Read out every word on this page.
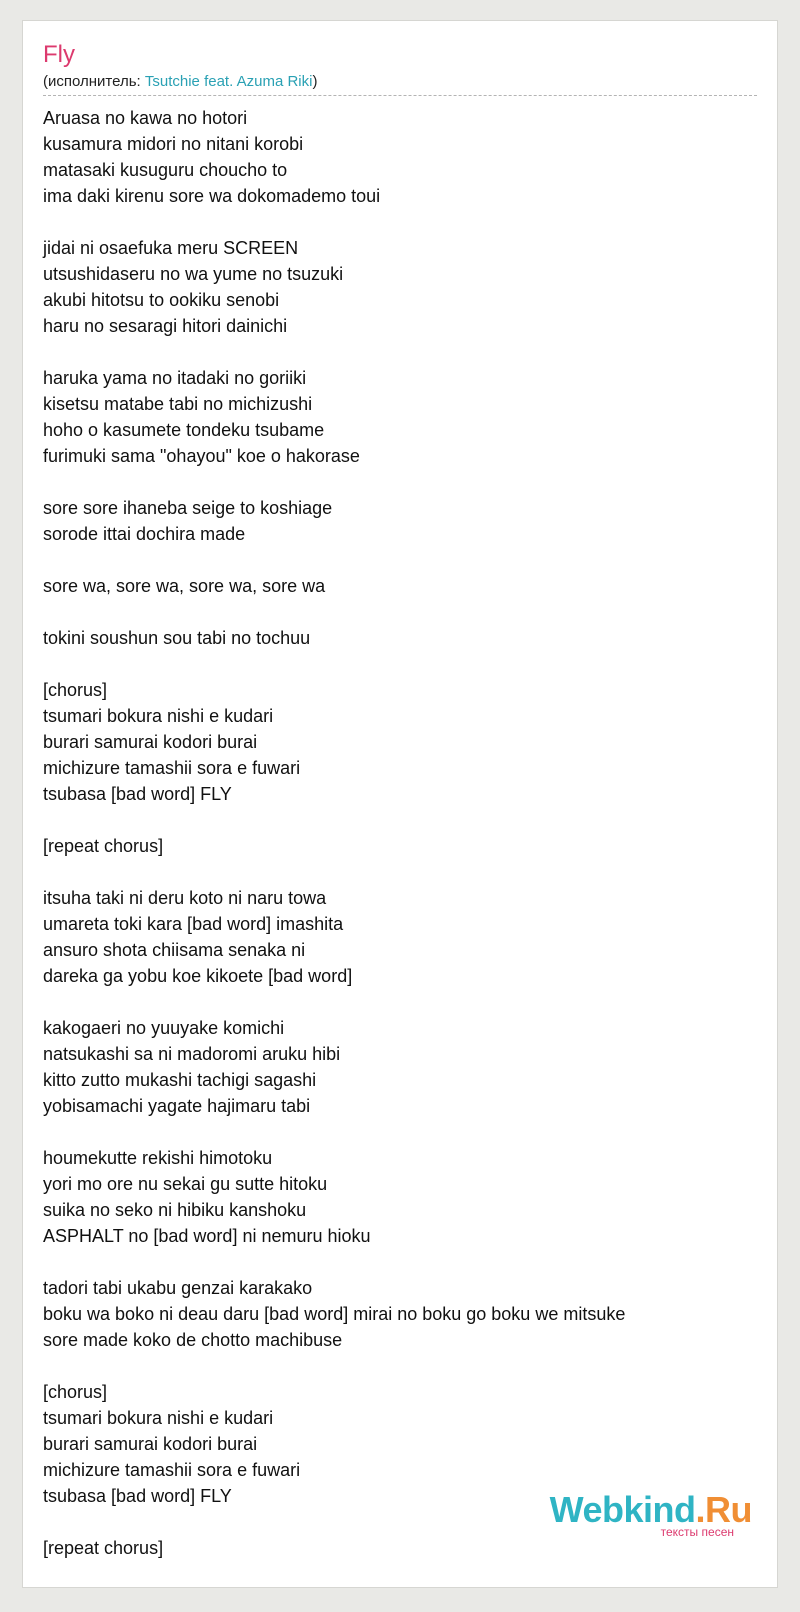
Fly
(исполнитель: Tsutchie feat. Azuma Riki)
Aruasa no kawa no hotori
kusamura midori no nitani korobi
matasaki kusuguru choucho to
ima daki kirenu sore wa dokomademo toui
jidai ni osaefuka meru SCREEN
utsushidaseru no wa yume no tsuzuki
akubi hitotsu to ookiku senobi
haru no sesaragi hitori dainichi
haruka yama no itadaki no goriiki
kisetsu matabe tabi no michizushi
hoho o kasumete tondeku tsubame
furimuki sama "ohayou" koe o hakorase
sore sore ihaneba seige to koshiage
sorode ittai dochira made
sore wa, sore wa, sore wa, sore wa
tokini soushun sou tabi no tochuu
[chorus]
tsumari bokura nishi e kudari
burari samurai kodori burai
michizure tamashii sora e fuwari
tsubasa [bad word] FLY
[repeat chorus]
itsuha taki ni deru koto ni naru towa
umareta toki kara [bad word] imashita
ansuro shota chiisama senaka ni
dareka ga yobu koe kikoete [bad word]
kakogaeri no yuuyake komichi
natsukashi sa ni madoromi aruku hibi
kitto zutto mukashi tachigi sagashi
yobisamachi yagate hajimaru tabi
houmekutte rekishi himotoku
yori mo ore nu sekai gu sutte hitoku
suika no seko ni hibiku kanshoku
ASPHALT no [bad word] ni nemuru hioku
tadori tabi ukabu genzai karakako
boku wa boko ni deau daru [bad word] mirai no boku go boku we mitsuke
sore made koko de chotto machibuse
[chorus]
tsumari bokura nishi e kudari
burari samurai kodori burai
michizure tamashii sora e fuwari
tsubasa [bad word] FLY
[repeat chorus]
Webkind.Ru
тексты песен
